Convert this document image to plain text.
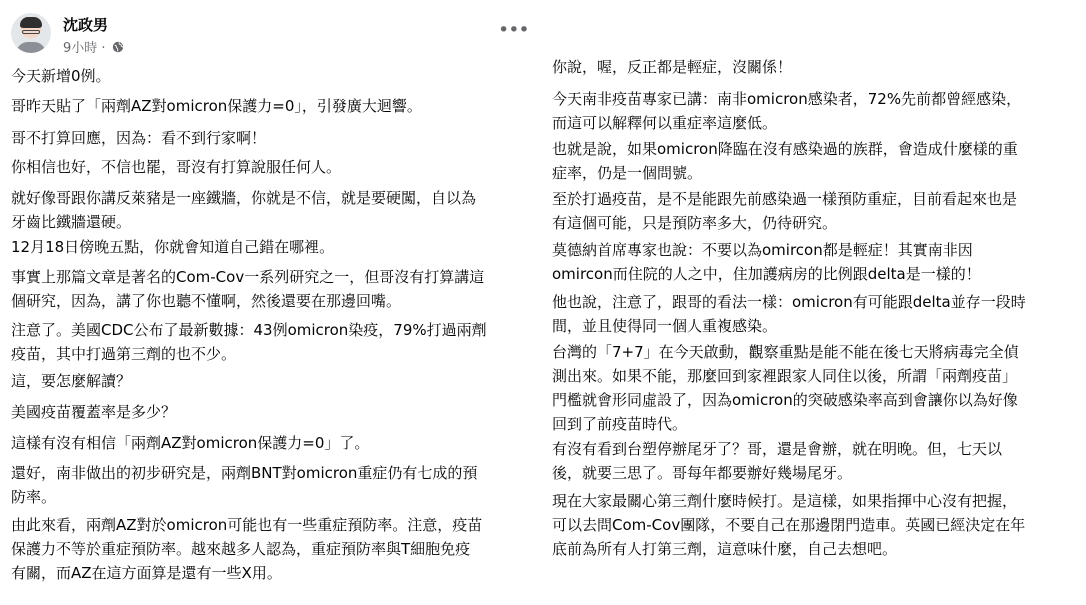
沈政男
9小時 ·
•••

今天新增0例。

哥昨天貼了「兩劑AZ對omicron保護力=0」，引發廣大迴響。

哥不打算回應，因為：看不到行家啊！

你相信也好，不信也罷，哥沒有打算說服任何人。

就好像哥跟你講反萊豬是一座鐵牆，你就是不信，就是要硬闖，自以為
牙齒比鐵牆還硬。

12月18日傍晚五點，你就會知道自己錯在哪裡。

事實上那篇文章是著名的Com-Cov一系列研究之一，但哥沒有打算講這
個研究，因為，講了你也聽不懂啊，然後還要在那邊回嘴。

注意了。美國CDC公布了最新數據：43例omicron染疫，79%打過兩劑
疫苗，其中打過第三劑的也不少。

這，要怎麼解讀？

美國疫苗覆蓋率是多少？

這樣有沒有相信「兩劑AZ對omicron保護力=0」了。

還好，南非做出的初步研究是，兩劑BNT對omicron重症仍有七成的預
防率。

由此來看，兩劑AZ對於omicron可能也有一些重症預防率。注意，疫苗
保護力不等於重症預防率。越來越多人認為，重症預防率與T細胞免疫
有關，而AZ在這方面算是還有一些X用。

你說，喔，反正都是輕症，沒關係！

今天南非疫苗專家已講：南非omicron感染者，72%先前都曾經感染，
而這可以解釋何以重症率這麼低。

也就是說，如果omicron降臨在沒有感染過的族群，會造成什麼樣的重
症率，仍是一個問號。

至於打過疫苗，是不是能跟先前感染過一樣預防重症，目前看起來也是
有這個可能，只是預防率多大，仍待研究。

莫德納首席專家也說：不要以為omircon都是輕症！其實南非因
omircon而住院的人之中，住加護病房的比例跟delta是一樣的！

他也說，注意了，跟哥的看法一樣：omicron有可能跟delta並存一段時
間，並且使得同一個人重複感染。

台灣的「7+7」在今天啟動，觀察重點是能不能在後七天將病毒完全偵
測出來。如果不能，那麼回到家裡跟家人同住以後，所謂「兩劑疫苗」
門檻就會形同虛設了，因為omicron的突破感染率高到會讓你以為好像
回到了前疫苗時代。

有沒有看到台塑停辦尾牙了？哥，還是會辦，就在明晚。但，七天以
後，就要三思了。哥每年都要辦好幾場尾牙。

現在大家最關心第三劑什麼時候打。是這樣，如果指揮中心沒有把握，
可以去問Com-Cov團隊，不要自己在那邊閉門造車。英國已經決定在年
底前為所有人打第三劑，這意味什麼，自己去想吧。
